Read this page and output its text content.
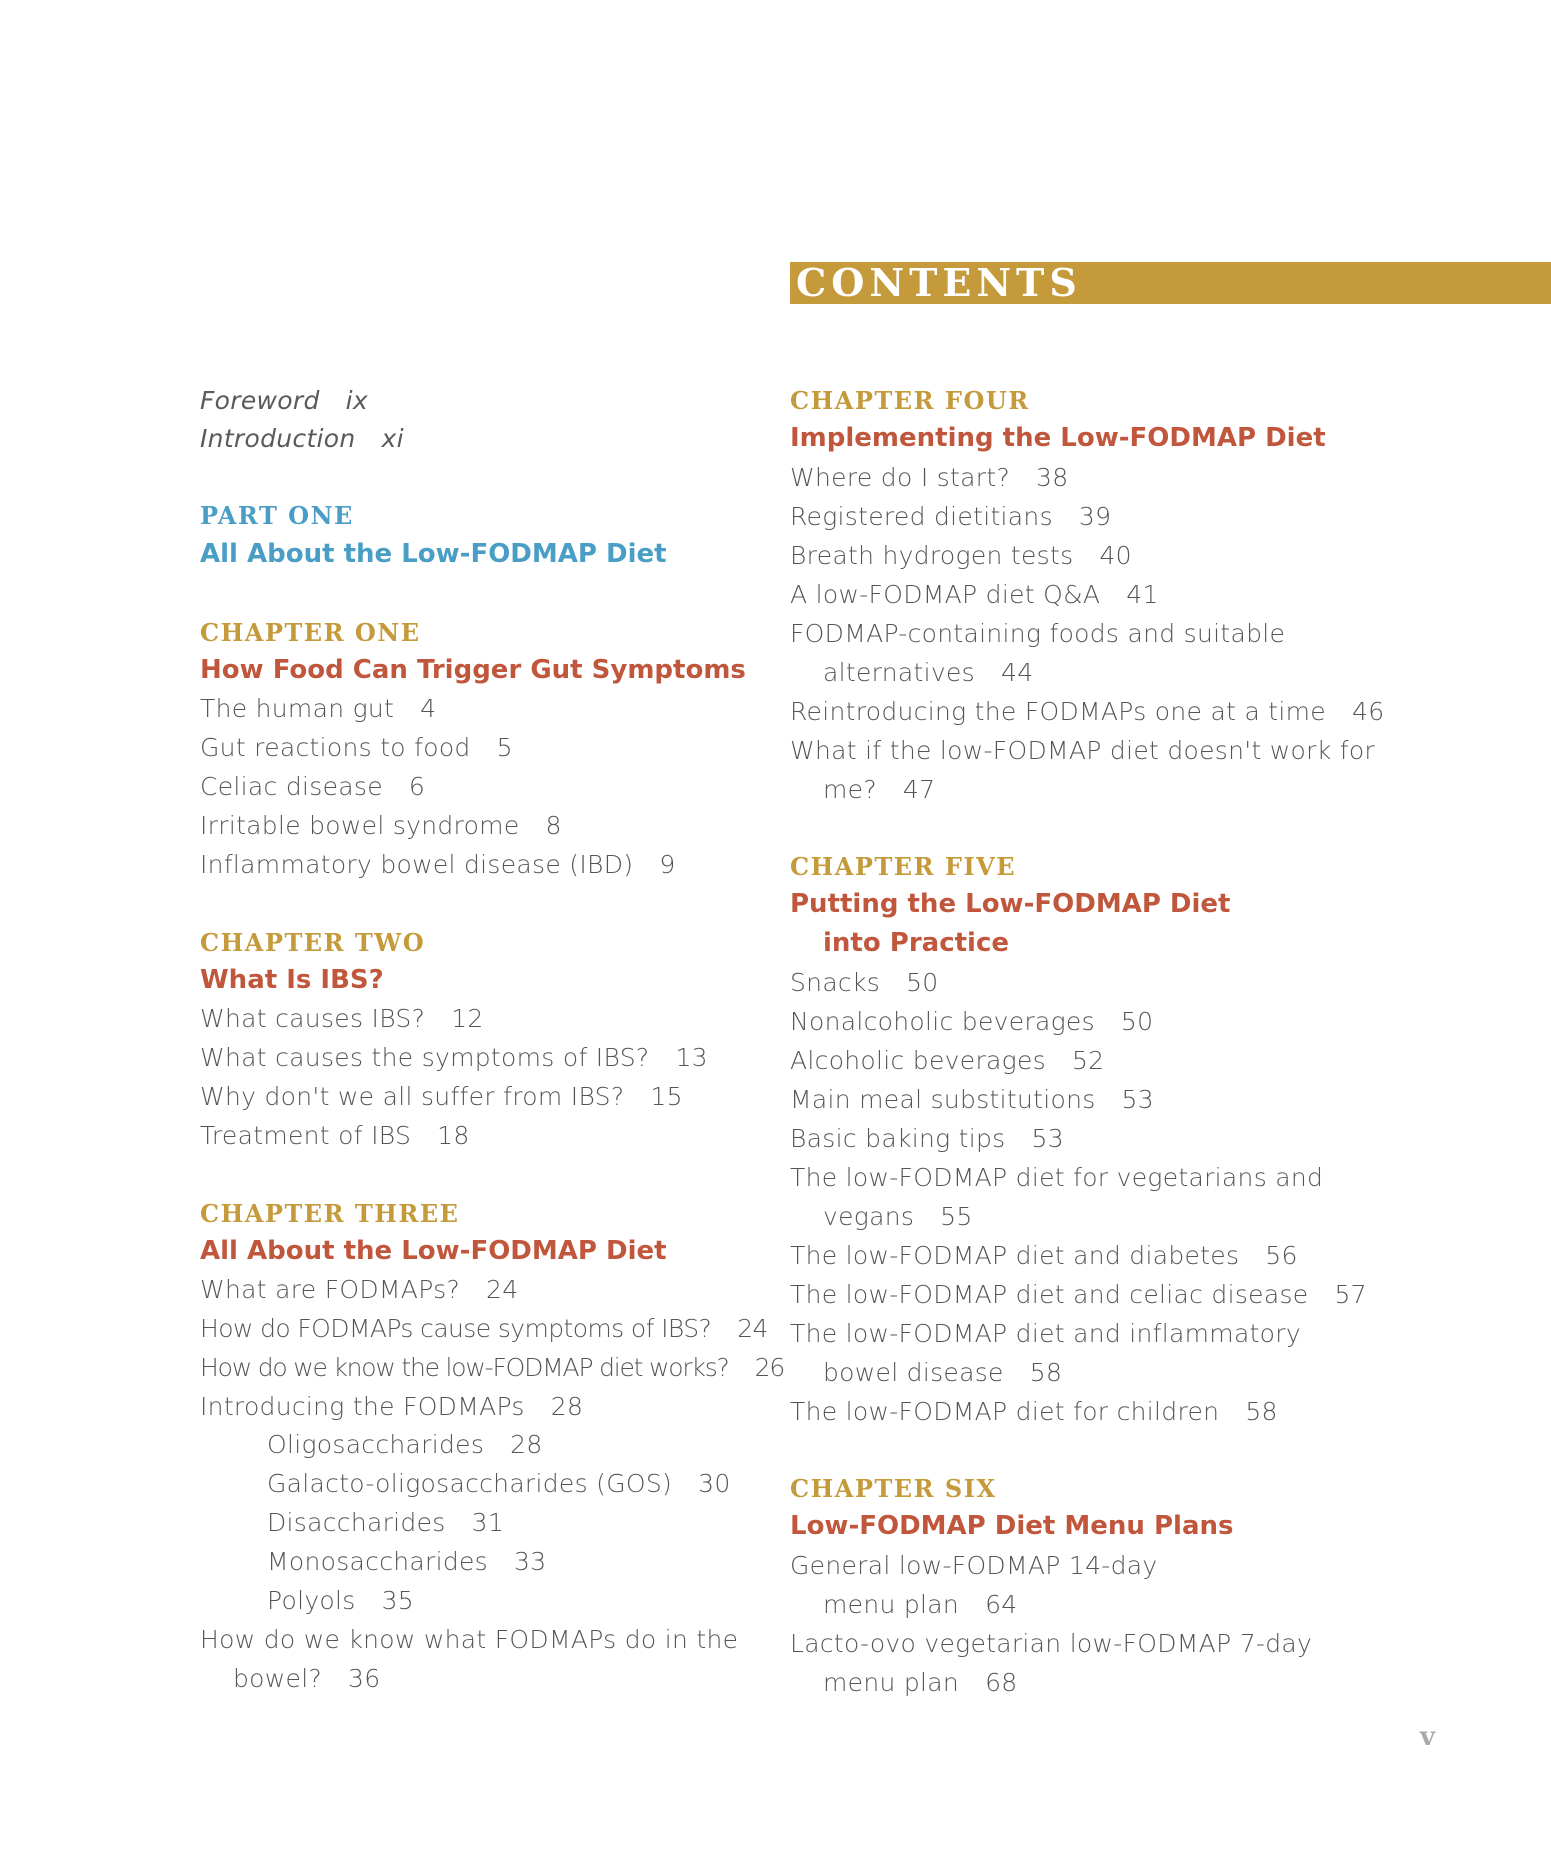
CONTENTS
Foreword ix
Introduction xi
PART ONE
All About the Low-FODMAP Diet
CHAPTER ONE
How Food Can Trigger Gut Symptoms
The human gut 4
Gut reactions to food 5
Celiac disease 6
Irritable bowel syndrome 8
Inflammatory bowel disease (IBD) 9
CHAPTER TWO
What Is IBS?
What causes IBS? 12
What causes the symptoms of IBS? 13
Why don't we all suffer from IBS? 15
Treatment of IBS 18
CHAPTER THREE
All About the Low-FODMAP Diet
What are FODMAPs? 24
How do FODMAPs cause symptoms of IBS? 24
How do we know the low-FODMAP diet works? 26
Introducing the FODMAPs 28
Oligosaccharides 28
Galacto-oligosaccharides (GOS) 30
Disaccharides 31
Monosaccharides 33
Polyols 35
How do we know what FODMAPs do in the
bowel? 36
CHAPTER FOUR
Implementing the Low-FODMAP Diet
Where do I start? 38
Registered dietitians 39
Breath hydrogen tests 40
A low-FODMAP diet Q&A 41
FODMAP-containing foods and suitable
alternatives 44
Reintroducing the FODMAPs one at a time 46
What if the low-FODMAP diet doesn't work for
me? 47
CHAPTER FIVE
Putting the Low-FODMAP Diet
into Practice
Snacks 50
Nonalcoholic beverages 50
Alcoholic beverages 52
Main meal substitutions 53
Basic baking tips 53
The low-FODMAP diet for vegetarians and
vegans 55
The low-FODMAP diet and diabetes 56
The low-FODMAP diet and celiac disease 57
The low-FODMAP diet and inflammatory
bowel disease 58
The low-FODMAP diet for children 58
CHAPTER SIX
Low-FODMAP Diet Menu Plans
General low-FODMAP 14-day
menu plan 64
Lacto-ovo vegetarian low-FODMAP 7-day
menu plan 68
v
